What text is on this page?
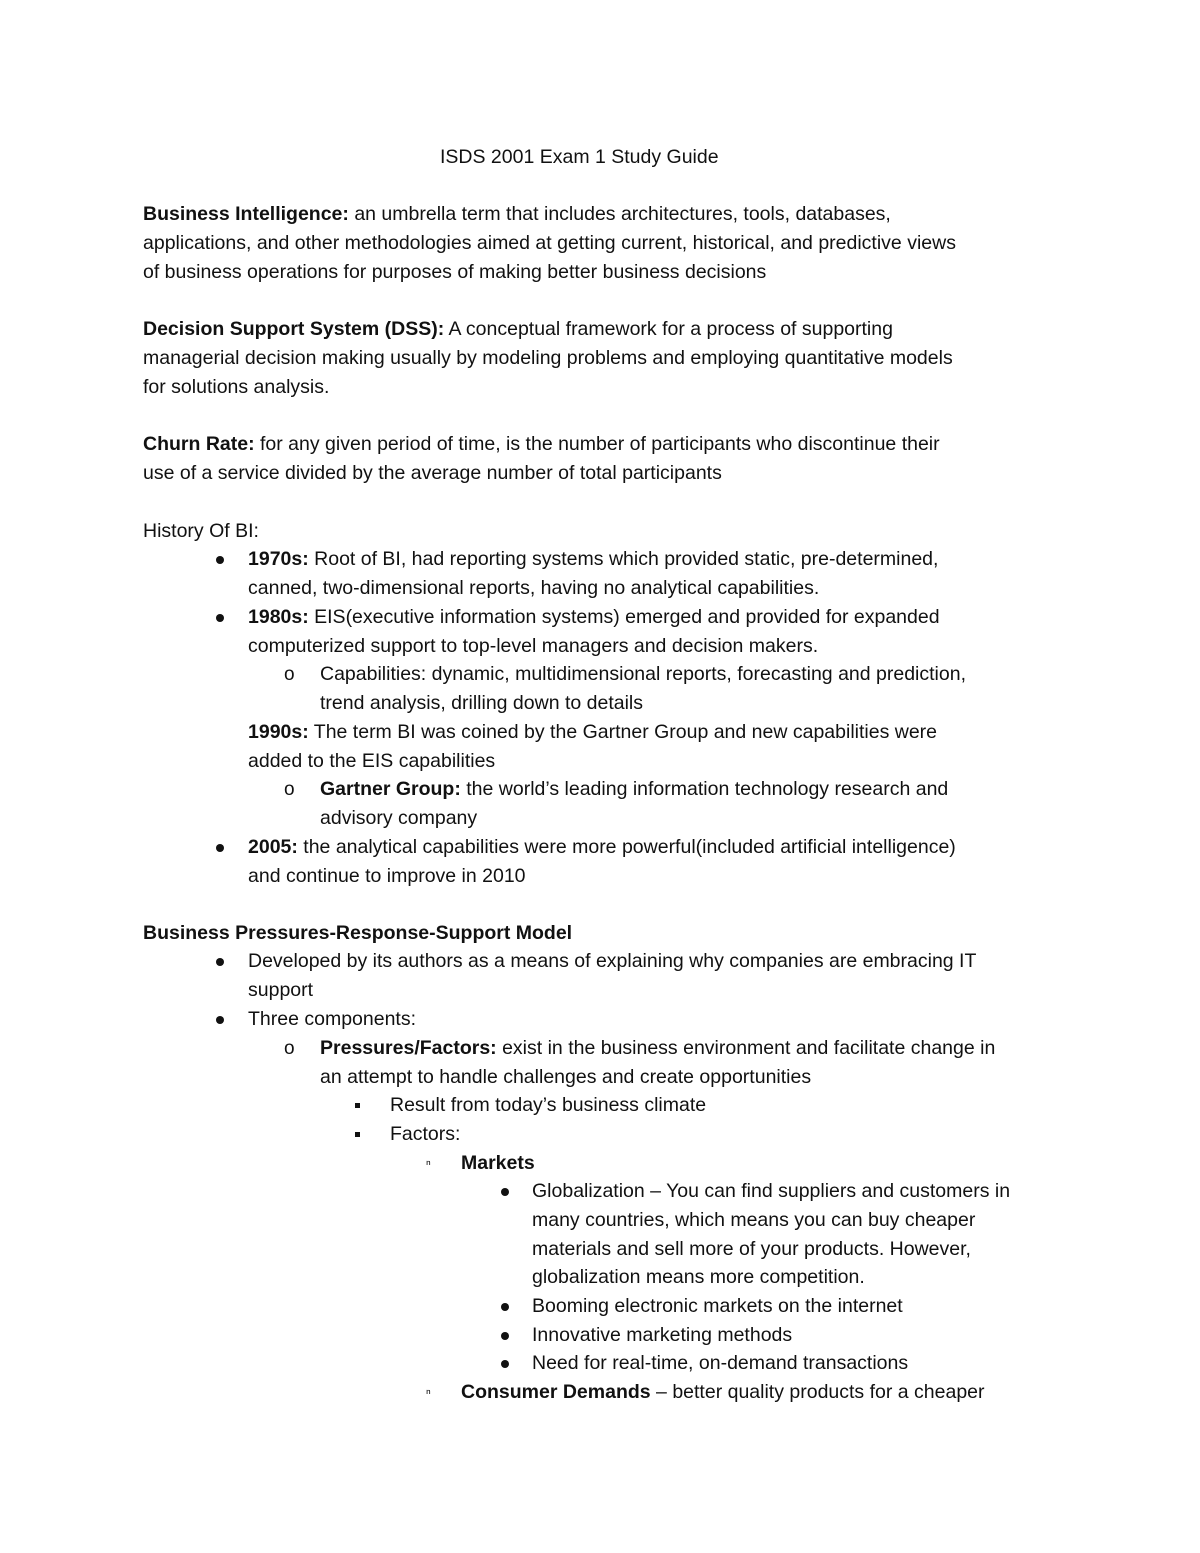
ISDS 2001 Exam 1 Study Guide
Business Intelligence: an umbrella term that includes architectures, tools, databases,
applications, and other methodologies aimed at getting current, historical, and predictive views
of business operations for purposes of making better business decisions
Decision Support System (DSS): A conceptual framework for a process of supporting
managerial decision making usually by modeling problems and employing quantitative models
for solutions analysis.
Churn Rate: for any given period of time, is the number of participants who discontinue their
use of a service divided by the average number of total participants
History Of BI:
1970s: Root of BI, had reporting systems which provided static, pre-determined,
canned, two-dimensional reports, having no analytical capabilities.
1980s: EIS(executive information systems) emerged and provided for expanded
computerized support to top-level managers and decision makers.
o Capabilities: dynamic, multidimensional reports, forecasting and prediction,
trend analysis, drilling down to details
1990s: The term BI was coined by the Gartner Group and new capabilities were
added to the EIS capabilities
o Gartner Group: the world’s leading information technology research and
advisory company
2005: the analytical capabilities were more powerful(included artificial intelligence)
and continue to improve in 2010
Business Pressures-Response-Support Model
Developed by its authors as a means of explaining why companies are embracing IT
support
Three components:
o Pressures/Factors: exist in the business environment and facilitate change in
an attempt to handle challenges and create opportunities
Result from today’s business climate
Factors:
ⁿ Markets
Globalization – You can find suppliers and customers in
many countries, which means you can buy cheaper
materials and sell more of your products. However,
globalization means more competition.
Booming electronic markets on the internet
Innovative marketing methods
Need for real-time, on-demand transactions
ⁿ Consumer Demands – better quality products for a cheaper
